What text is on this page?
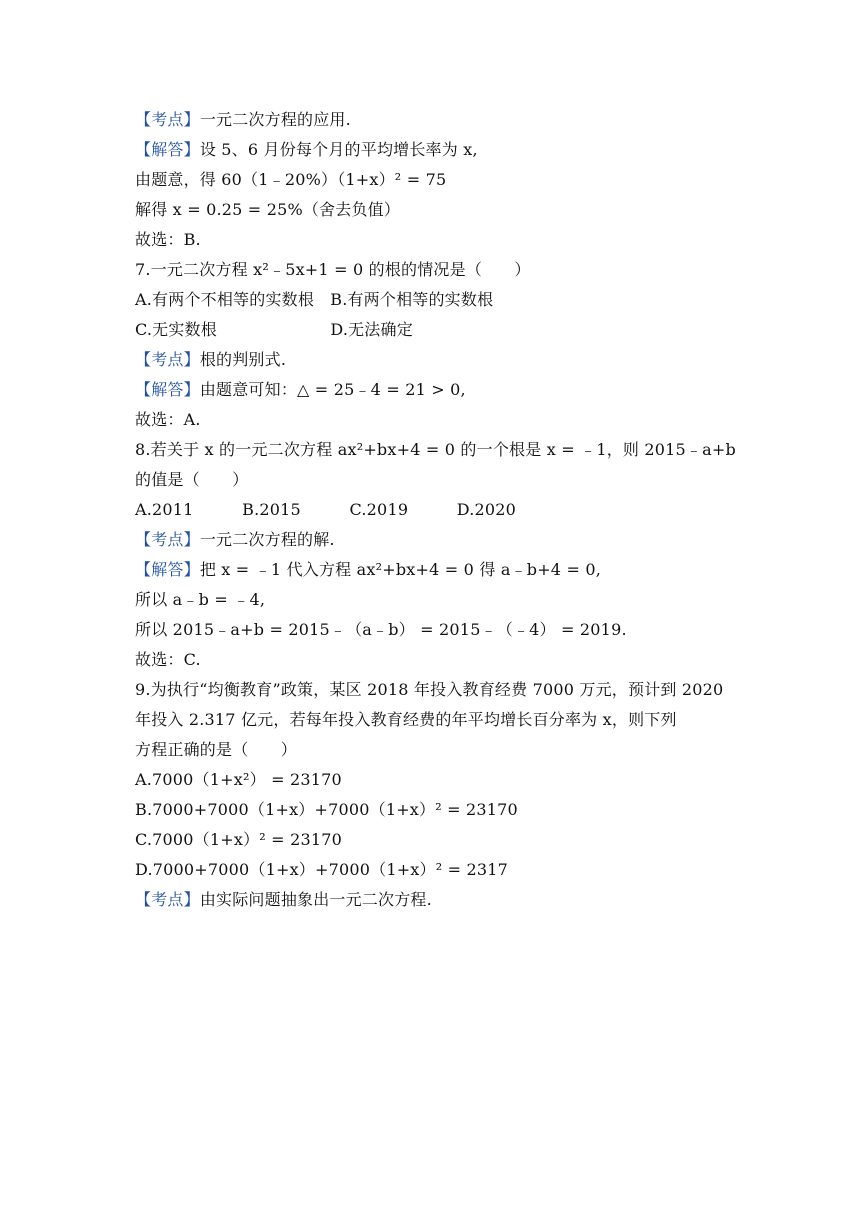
【考点】一元二次方程的应用.
【解答】设 5、6 月份每个月的平均增长率为 x,
由题意，得 60（1﹣20%）（1+x）² = 75
解得 x = 0.25 = 25%（舍去负值）
故选：B.
7.一元二次方程 x²﹣5x+1 = 0 的根的情况是（　　）
A.有两个不相等的实数根　B.有两个相等的实数根
C.无实数根　　　　　　　D.无法确定
【考点】根的判别式.
【解答】由题意可知：△ = 25﹣4 = 21 > 0,
故选：A.
8.若关于 x 的一元二次方程 ax²+bx+4 = 0 的一个根是 x = ﹣1，则 2015﹣a+b
的值是（　　）
A.2011　　　B.2015　　　C.2019　　　D.2020
【考点】一元二次方程的解.
【解答】把 x = ﹣1 代入方程 ax²+bx+4 = 0 得 a﹣b+4 = 0,
所以 a﹣b = ﹣4,
所以 2015﹣a+b = 2015﹣（a﹣b） = 2015﹣（﹣4） = 2019.
故选：C.
9.为执行“均衡教育”政策，某区 2018 年投入教育经费 7000 万元，预计到 2020
年投入 2.317 亿元，若每年投入教育经费的年平均增长百分率为 x，则下列
方程正确的是（　　）
A.7000（1+x²） = 23170
B.7000+7000（1+x）+7000（1+x）² = 23170
C.7000（1+x）² = 23170
D.7000+7000（1+x）+7000（1+x）² = 2317
【考点】由实际问题抽象出一元二次方程.
